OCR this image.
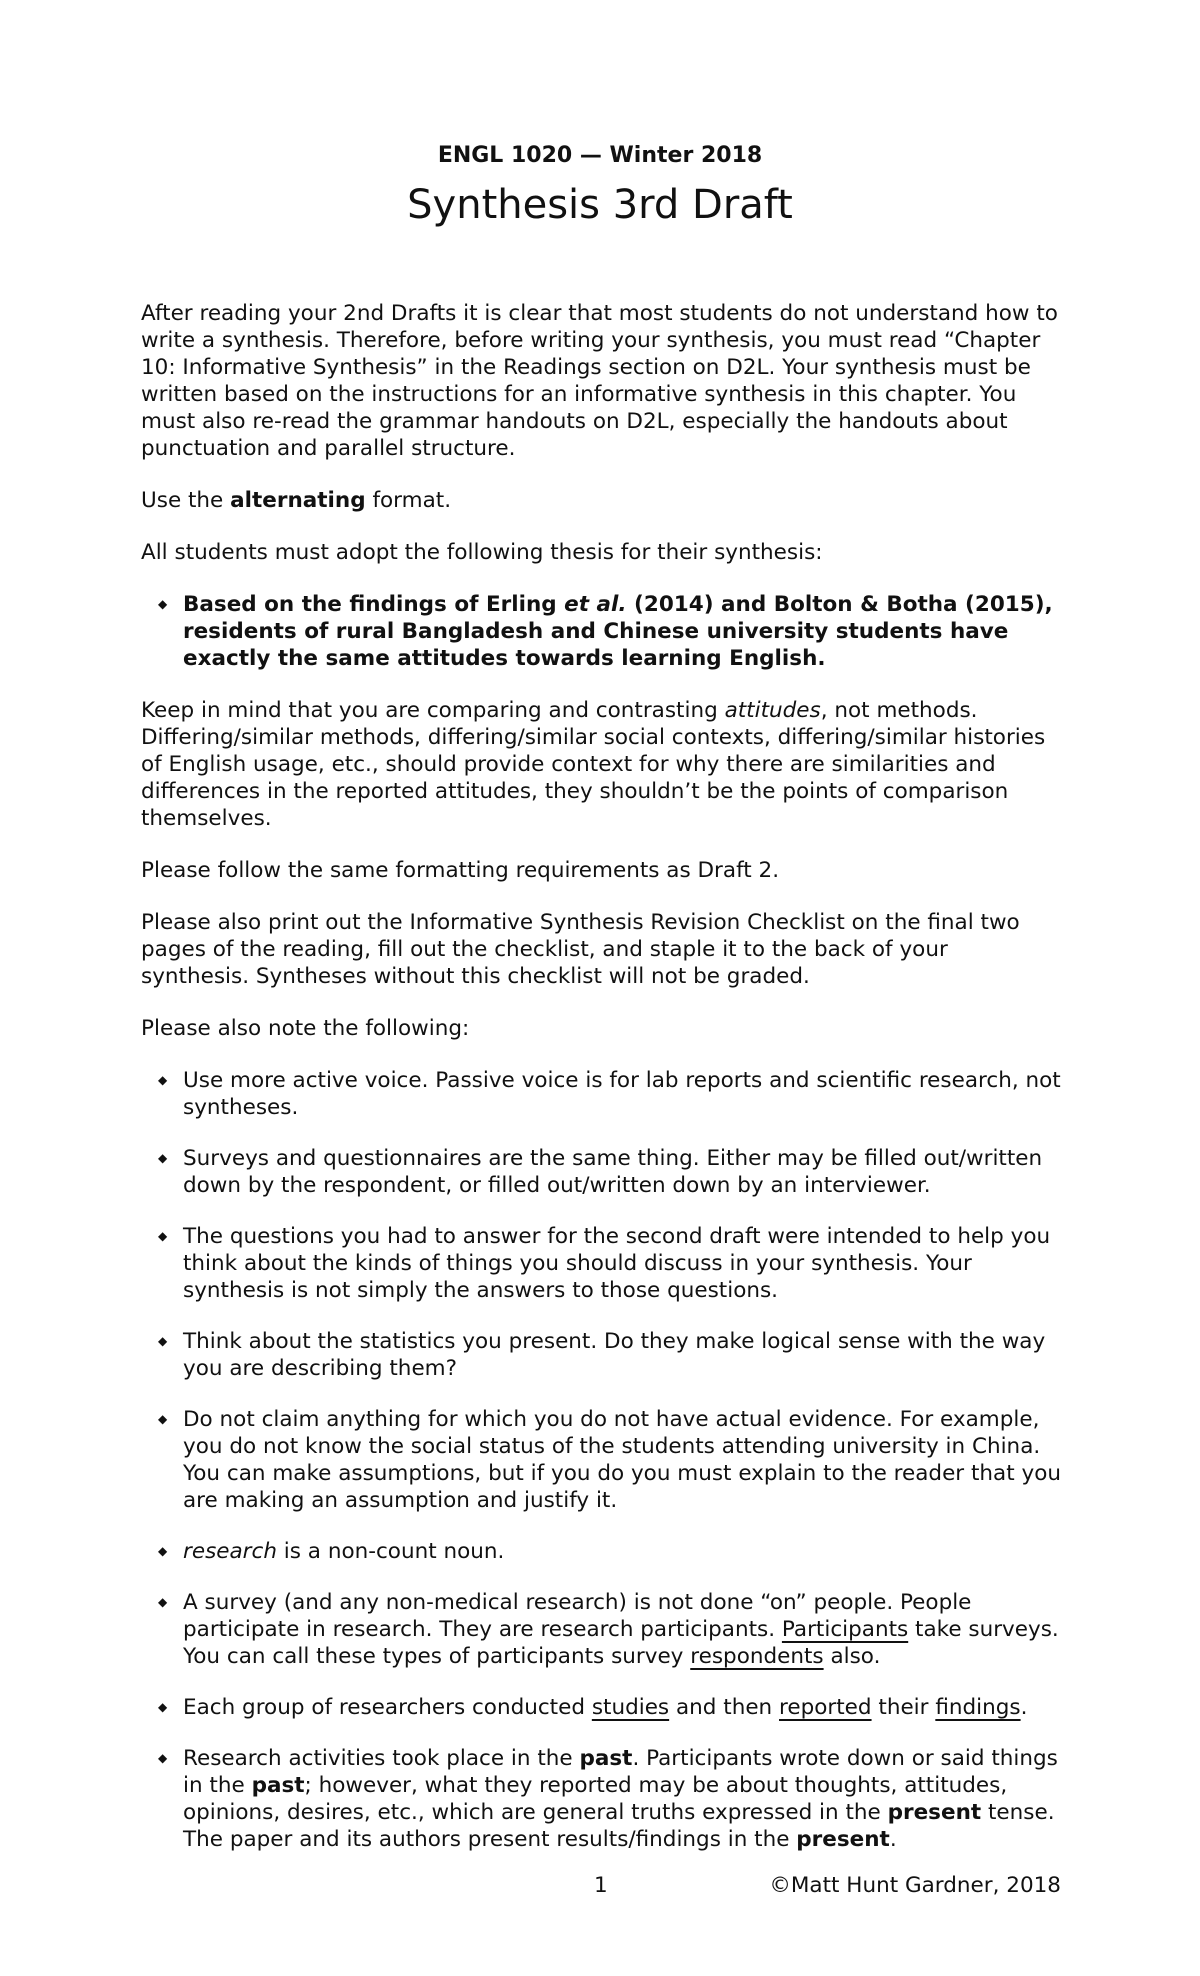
ENGL 1020 — Winter 2018
Synthesis 3rd Draft

After reading your 2nd Drafts it is clear that most students do not understand how to write a synthesis. Therefore, before writing your synthesis, you must read “Chapter 10: Informative Synthesis” in the Readings section on D2L. Your synthesis must be written based on the instructions for an informative synthesis in this chapter. You must also re-read the grammar handouts on D2L, especially the handouts about punctuation and parallel structure.

Use the alternating format.

All students must adopt the following thesis for their synthesis:

◆ Based on the findings of Erling et al. (2014) and Bolton & Botha (2015), residents of rural Bangladesh and Chinese university students have exactly the same attitudes towards learning English.

Keep in mind that you are comparing and contrasting attitudes, not methods. Differing/similar methods, differing/similar social contexts, differing/similar histories of English usage, etc., should provide context for why there are similarities and differences in the reported attitudes, they shouldn’t be the points of comparison themselves.

Please follow the same formatting requirements as Draft 2.

Please also print out the Informative Synthesis Revision Checklist on the final two pages of the reading, fill out the checklist, and staple it to the back of your synthesis. Syntheses without this checklist will not be graded.

Please also note the following:

◆ Use more active voice. Passive voice is for lab reports and scientific research, not syntheses.
◆ Surveys and questionnaires are the same thing. Either may be filled out/written down by the respondent, or filled out/written down by an interviewer.
◆ The questions you had to answer for the second draft were intended to help you think about the kinds of things you should discuss in your synthesis. Your synthesis is not simply the answers to those questions.
◆ Think about the statistics you present. Do they make logical sense with the way you are describing them?
◆ Do not claim anything for which you do not have actual evidence. For example, you do not know the social status of the students attending university in China. You can make assumptions, but if you do you must explain to the reader that you are making an assumption and justify it.
◆ research is a non-count noun.
◆ A survey (and any non-medical research) is not done “on” people. People participate in research. They are research participants. Participants take surveys. You can call these types of participants survey respondents also.
◆ Each group of researchers conducted studies and then reported their findings.
◆ Research activities took place in the past. Participants wrote down or said things in the past; however, what they reported may be about thoughts, attitudes, opinions, desires, etc., which are general truths expressed in the present tense. The paper and its authors present results/findings in the present.
1	©Matt Hunt Gardner, 2018
